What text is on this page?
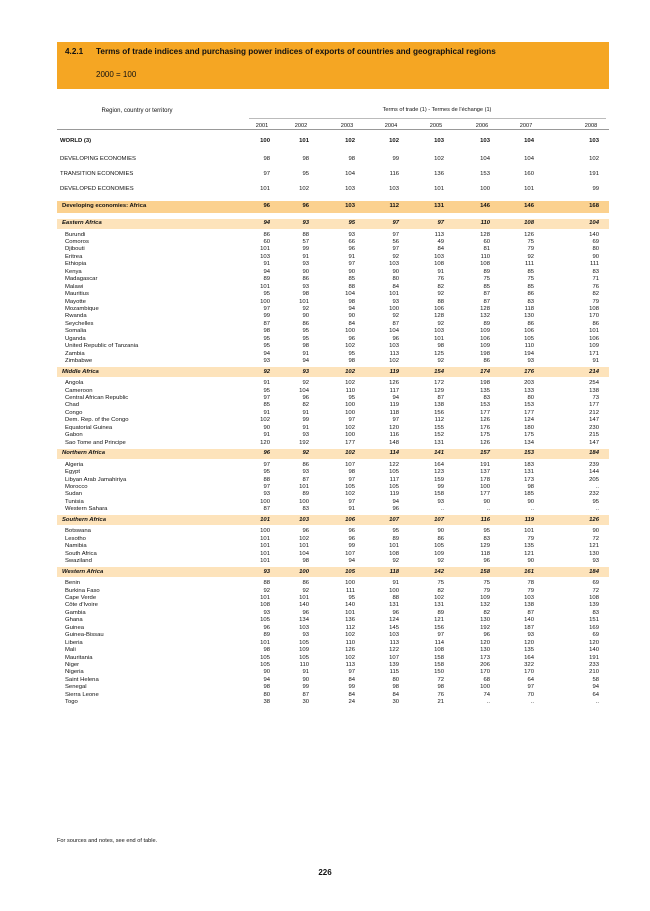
4.2.1 Terms of trade indices and purchasing power indices of exports of countries and geographical regions
2000 = 100
Region, country or territory	Terms of trade (1) - Termes de l'échange (1)
2001	2002	2003	2004	2005	2006	2007	2008
WORLD (3)	100	101	102	102	103	103	104	103
DEVELOPING ECONOMIES	98	98	98	99	102	104	104	102
TRANSITION ECONOMIES	97	95	104	116	136	153	160	191
DEVELOPED ECONOMIES	101	102	103	103	101	100	101	99
Developing economies: Africa	96	96	103	112	131	146	146	168
Eastern Africa	94	93	95	97	97	110	108	104
Burundi	86	88	93	97	113	128	126	140
Comoros	60	57	66	56	49	60	75	69
Djibouti	101	99	96	97	84	81	79	80
Eritrea	103	91	91	92	103	110	92	90
Ethiopia	91	93	97	103	108	108	111	111
Kenya	94	90	90	90	91	89	85	83
Madagascar	89	86	85	80	76	75	75	71
Malawi	101	93	88	84	82	85	85	76
Mauritius	95	98	104	101	92	87	86	82
Mayotte	100	101	98	93	88	87	83	79
Mozambique	97	92	94	100	106	128	118	108
Rwanda	99	90	90	92	128	132	130	170
Seychelles	87	86	84	87	92	89	86	86
Somalia	98	95	100	104	103	109	106	101
Uganda	95	95	96	96	101	106	105	106
United Republic of Tanzania	95	98	102	103	98	109	110	109
Zambia	94	91	95	113	125	198	194	171
Zimbabwe	93	94	98	102	92	86	93	91
Middle Africa	92	93	102	119	154	174	176	214
Angola	91	92	102	126	172	198	203	254
Cameroon	95	104	110	117	129	135	133	138
Central African Republic	97	96	95	94	87	83	80	73
Chad	85	82	100	119	138	153	153	177
Congo	91	91	100	118	156	177	177	212
Dem. Rep. of the Congo	102	99	97	97	112	126	124	147
Equatorial Guinea	90	91	102	120	155	176	180	230
Gabon	91	93	100	116	152	175	175	215
Sao Tome and Principe	120	192	177	148	131	126	134	147
Northern Africa	96	92	102	114	141	157	153	184
Algeria	97	86	107	122	164	191	183	239
Egypt	95	93	98	105	123	137	131	144
Libyan Arab Jamahiriya	88	87	97	117	159	178	173	205
Morocco	97	101	105	105	99	100	98	..
Sudan	93	89	102	119	158	177	185	232
Tunisia	100	100	97	94	93	90	90	95
Western Sahara	87	83	91	96	..	..	..	..
Southern Africa	101	103	106	107	107	116	119	126
Botswana	100	96	96	95	90	95	101	90
Lesotho	101	102	96	89	86	83	79	72
Namibia	101	101	99	101	105	129	135	121
South Africa	101	104	107	108	109	118	121	130
Swaziland	101	98	94	92	92	96	90	93
Western Africa	93	100	105	118	142	158	161	184
Benin	88	86	100	91	75	75	78	69
Burkina Faso	92	92	111	100	82	79	79	72
Cape Verde	101	101	95	88	102	109	103	108
Côte d'Ivoire	108	140	140	131	131	132	138	139
Gambia	93	96	101	96	89	82	87	83
Ghana	105	134	136	124	121	130	140	151
Guinea	96	103	112	145	156	192	187	169
Guinea-Bissau	89	93	102	103	97	96	93	69
Liberia	101	105	110	113	114	120	120	120
Mali	98	109	126	122	108	130	135	140
Mauritania	105	105	102	107	158	173	164	191
Niger	105	110	113	139	158	206	322	233
Nigeria	90	91	97	115	150	170	170	210
Saint Helena	94	90	84	80	72	68	64	58
Senegal	98	99	99	98	98	100	97	94
Sierra Leone	80	87	84	84	76	74	70	64
Togo	38	30	24	30	21	..	..	..
For sources and notes, see end of table.
226
